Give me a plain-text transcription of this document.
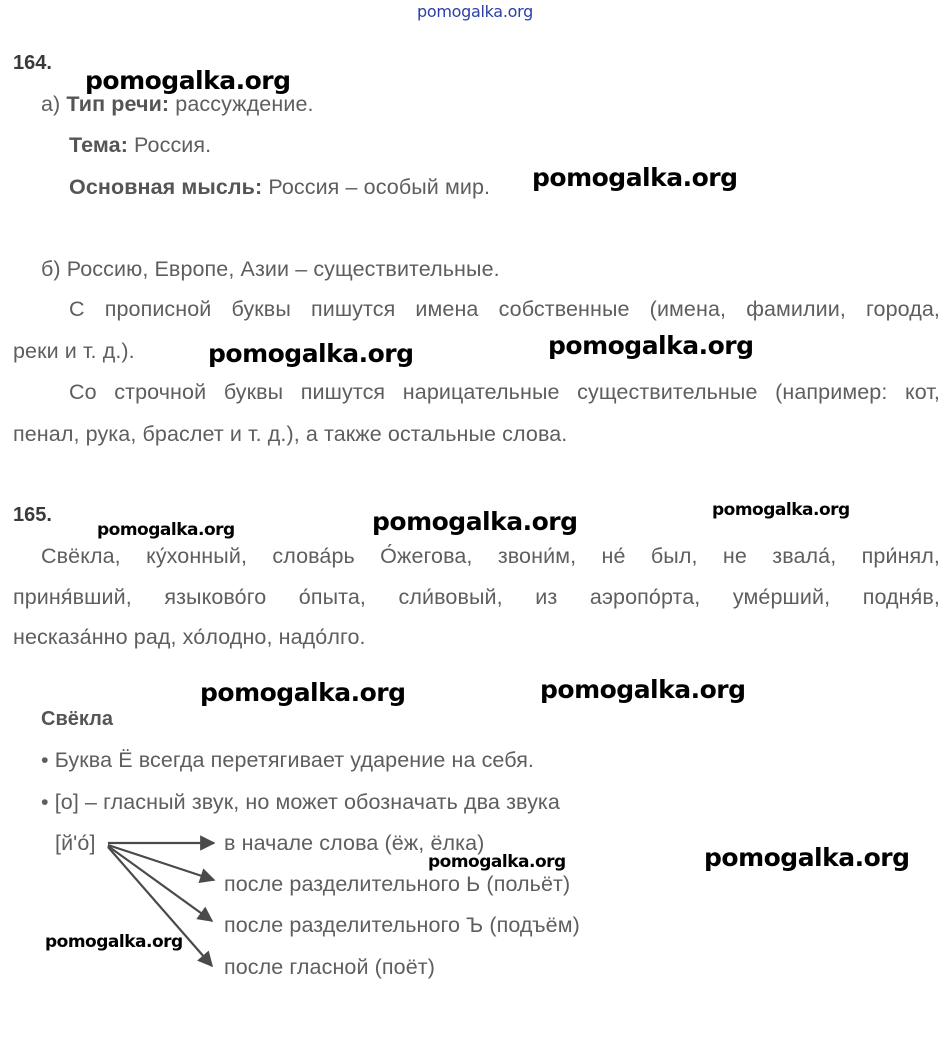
pomogalka.org
164.
а) Тип речи: рассуждение.
Тема: Россия.
Основная мысль: Россия – особый мир.
б) Россию, Европе, Азии – существительные.
С прописной буквы пишутся имена собственные (имена, фамилии, города,
реки и т. д.).
Со строчной буквы пишутся нарицательные существительные (например: кот,
пенал, рука, браслет и т. д.), а также остальные слова.
165.
Свёкла, ку́хонный, слова́рь О́жегова, звони́м, не́ был, не звала́, при́нял,
приня́вший, языково́го о́пыта, сли́вовый, из аэропо́рта, уме́рший, подня́в,
несказа́нно рад, хо́лодно, надо́лго.
Свёкла
• Буква Ё всегда перетягивает ударение на себя.
• [о] – гласный звук, но может обозначать два звука
[й'о́]	в начале слова (ёж, ёлка)
после разделительного Ь (польёт)
после разделительного Ъ (подъём)
после гласной (поёт)
pomogalka.org
pomogalka.org
pomogalka.org	pomogalka.org
pomogalka.org	pomogalka.org	pomogalka.org
pomogalka.org	pomogalka.org
pomogalka.org	pomogalka.org
pomogalka.org
